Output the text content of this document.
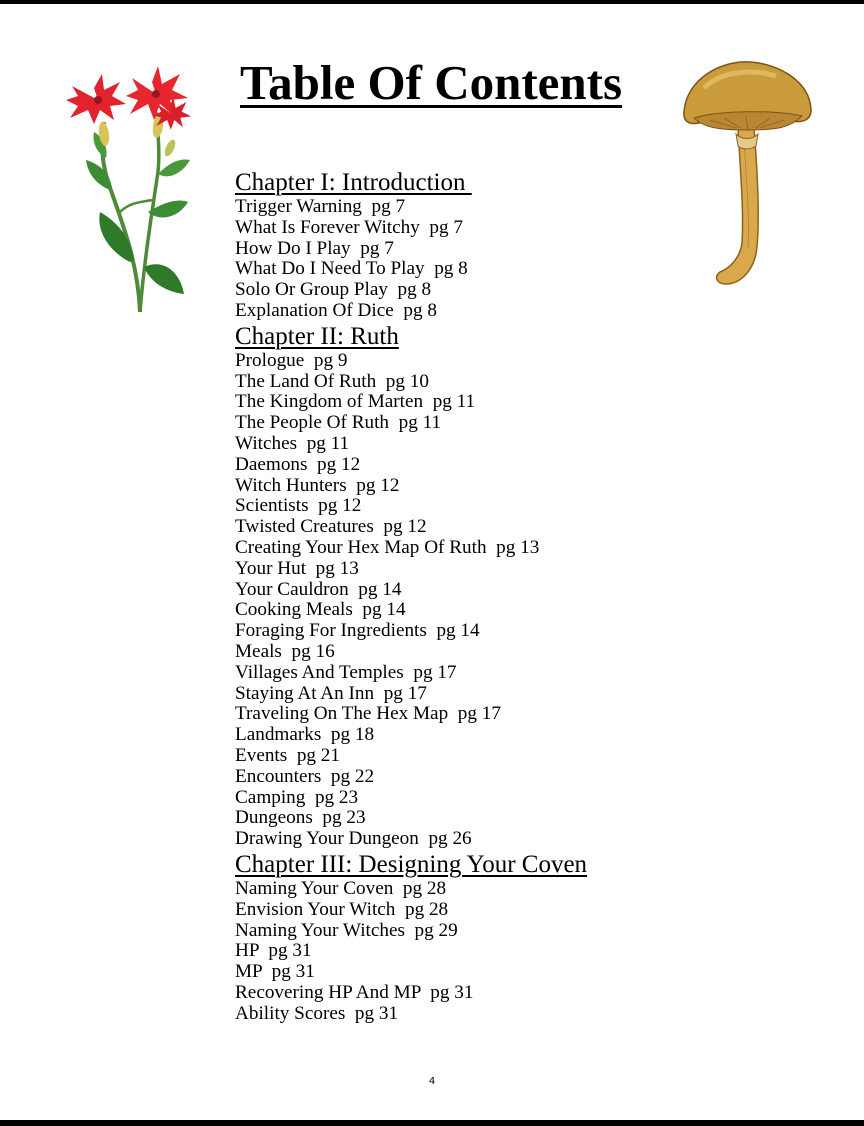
Table Of Contents
Chapter I: Introduction
Trigger Warning  pg 7
What Is Forever Witchy  pg 7
How Do I Play  pg 7
What Do I Need To Play  pg 8
Solo Or Group Play  pg 8
Explanation Of Dice  pg 8
Chapter II: Ruth
Prologue  pg 9
The Land Of Ruth  pg 10
The Kingdom of Marten  pg 11
The People Of Ruth  pg 11
Witches  pg 11
Daemons  pg 12
Witch Hunters  pg 12
Scientists  pg 12
Twisted Creatures  pg 12
Creating Your Hex Map Of Ruth  pg 13
Your Hut  pg 13
Your Cauldron  pg 14
Cooking Meals  pg 14
Foraging For Ingredients  pg 14
Meals  pg 16
Villages And Temples  pg 17
Staying At An Inn  pg 17
Traveling On The Hex Map  pg 17
Landmarks  pg 18
Events  pg 21
Encounters  pg 22
Camping  pg 23
Dungeons  pg 23
Drawing Your Dungeon  pg 26
Chapter III: Designing Your Coven
Naming Your Coven  pg 28
Envision Your Witch  pg 28
Naming Your Witches  pg 29
HP  pg 31
MP  pg 31
Recovering HP And MP  pg 31
Ability Scores  pg 31
4
